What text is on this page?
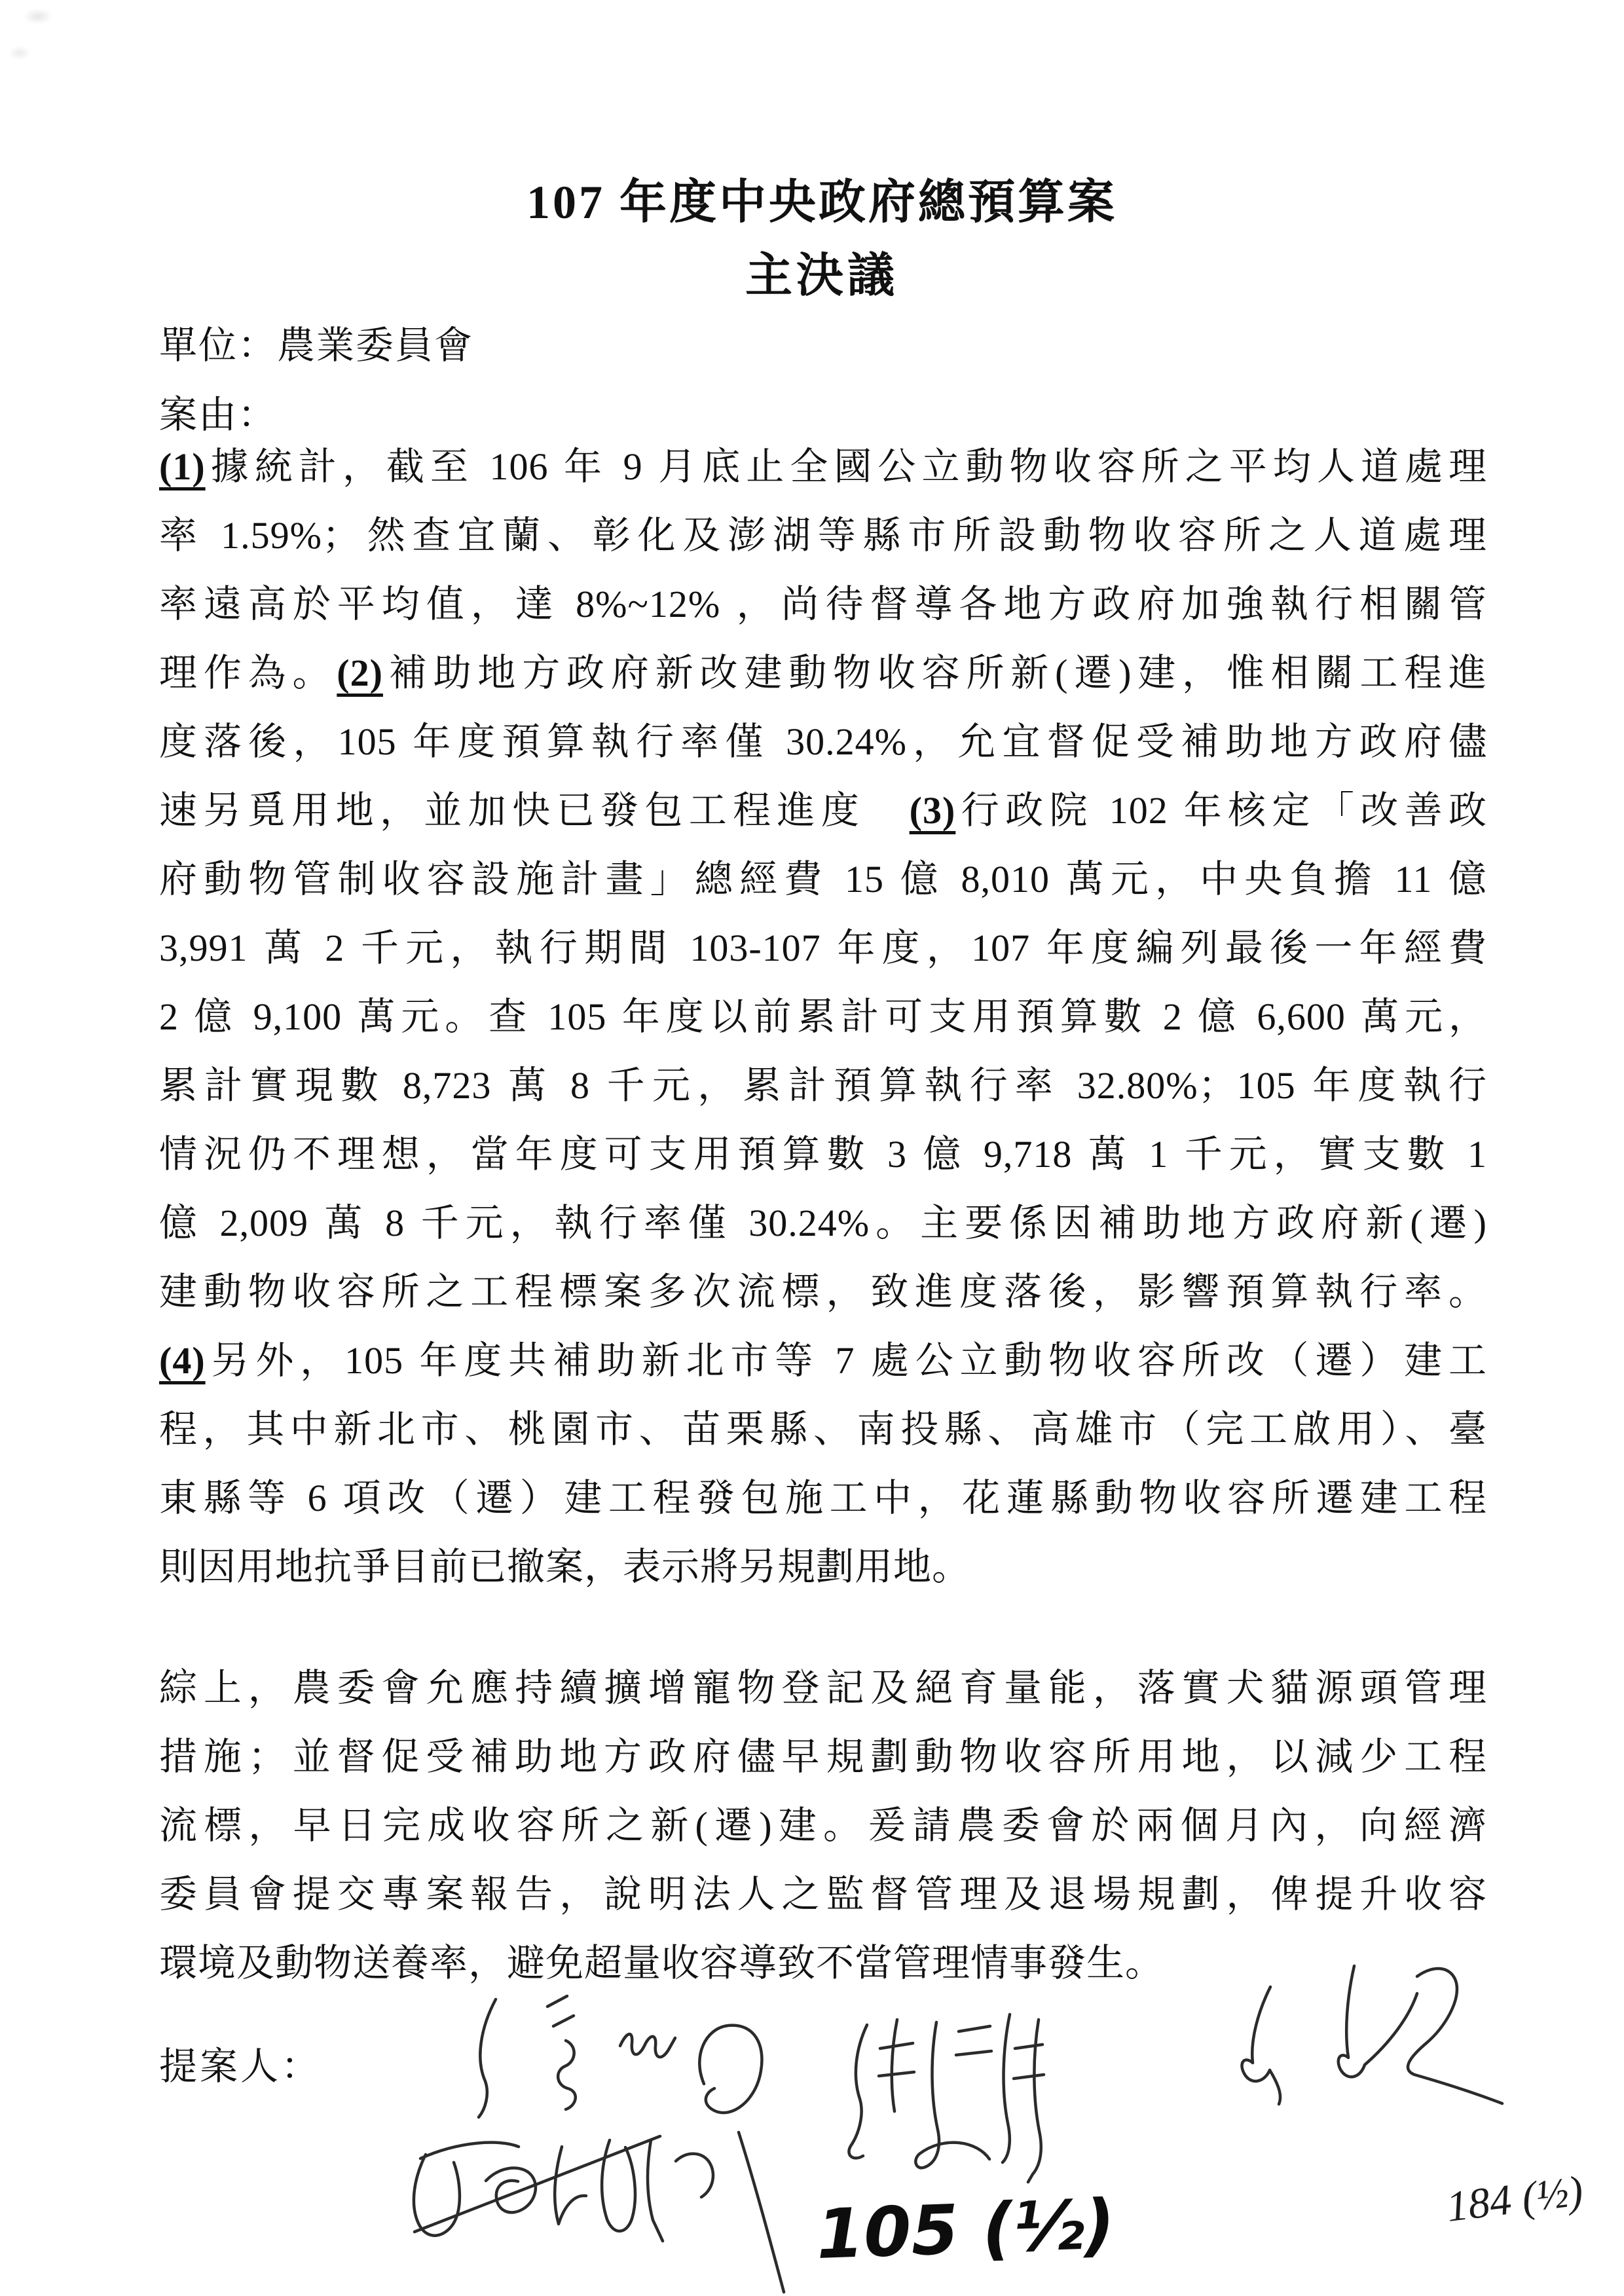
107 年度中央政府總預算案
主決議
單位：農業委員會
案由：
(1)據統計，截至 106 年 9 月底止全國公立動物收容所之平均人道處理
率 1.59%；然查宜蘭、彰化及澎湖等縣市所設動物收容所之人道處理
率遠高於平均值，達 8%~12% ，尚待督導各地方政府加強執行相關管
理作為。(2)補助地方政府新改建動物收容所新(遷)建，惟相關工程進
度落後，105 年度預算執行率僅 30.24%，允宜督促受補助地方政府儘
速另覓用地，並加快已發包工程進度　(3)行政院 102 年核定「改善政
府動物管制收容設施計畫」總經費 15 億 8,010 萬元，中央負擔 11 億
3,991 萬 2 千元，執行期間 103-107 年度，107 年度編列最後一年經費
2 億 9,100 萬元。查 105 年度以前累計可支用預算數 2 億 6,600 萬元，
累計實現數 8,723 萬 8 千元，累計預算執行率 32.80%；105 年度執行
情況仍不理想，當年度可支用預算數 3 億 9,718 萬 1 千元，實支數 1
億 2,009 萬 8 千元，執行率僅 30.24%。主要係因補助地方政府新(遷)
建動物收容所之工程標案多次流標，致進度落後，影響預算執行率。
(4)另外，105 年度共補助新北市等 7 處公立動物收容所改（遷）建工
程，其中新北市、桃園市、苗栗縣、南投縣、高雄市（完工啟用）、臺
東縣等 6 項改（遷）建工程發包施工中，花蓮縣動物收容所遷建工程
則因用地抗爭目前已撤案，表示將另規劃用地。
綜上，農委會允應持續擴增寵物登記及絕育量能，落實犬貓源頭管理
措施；並督促受補助地方政府儘早規劃動物收容所用地，以減少工程
流標，早日完成收容所之新(遷)建。爰請農委會於兩個月內，向經濟
委員會提交專案報告，說明法人之監督管理及退場規劃，俾提升收容
環境及動物送養率，避免超量收容導致不當管理情事發生。
提案人：
105 (½)	184 (½)
